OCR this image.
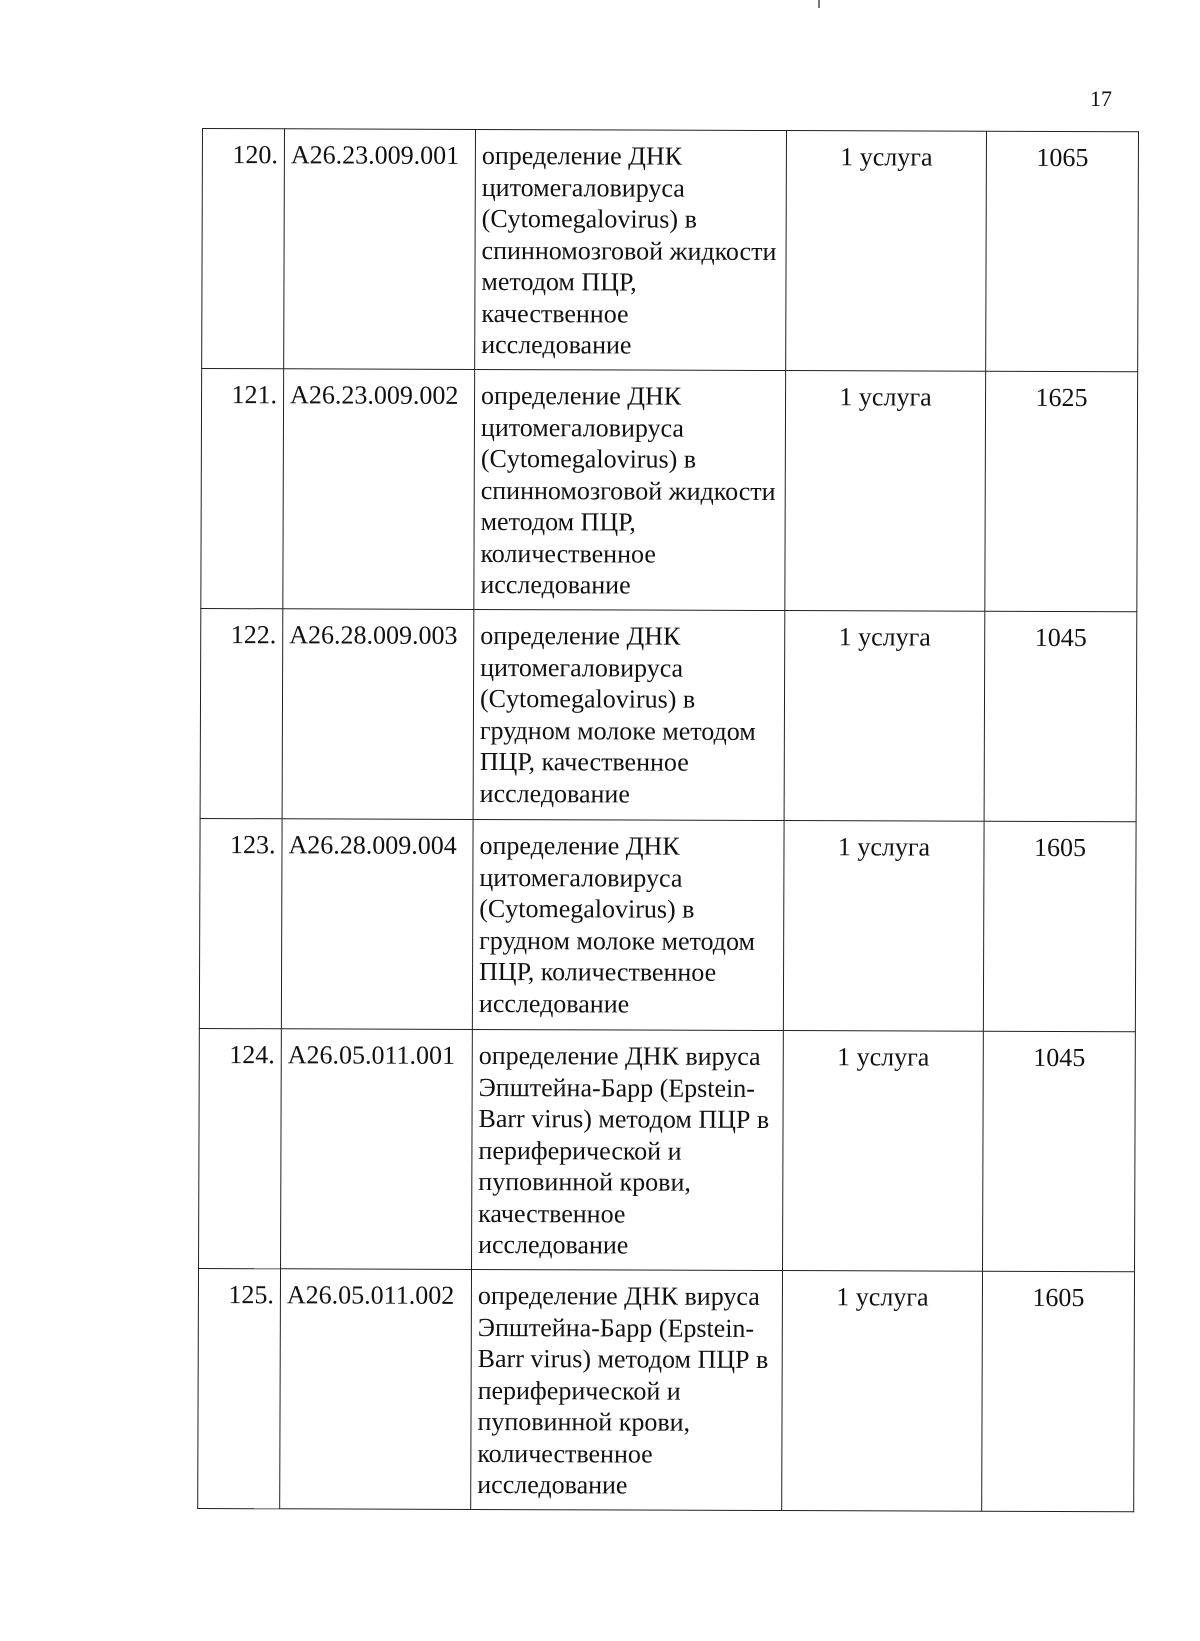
17
120.	A26.23.009.001	определение ДНК цитомегаловируса (Cytomegalovirus) в спинномозговой жидкости методом ПЦР, качественное исследование	1 услуга	1065
121.	A26.23.009.002	определение ДНК цитомегаловируса (Cytomegalovirus) в спинномозговой жидкости методом ПЦР, количественное исследование	1 услуга	1625
122.	A26.28.009.003	определение ДНК цитомегаловируса (Cytomegalovirus) в грудном молоке методом ПЦР, качественное исследование	1 услуга	1045
123.	A26.28.009.004	определение ДНК цитомегаловируса (Cytomegalovirus) в грудном молоке методом ПЦР, количественное исследование	1 услуга	1605
124.	A26.05.011.001	определение ДНК вируса Эпштейна-Барр (Epstein-Barr virus) методом ПЦР в периферической и пуповинной крови, качественное исследование	1 услуга	1045
125.	A26.05.011.002	определение ДНК вируса Эпштейна-Барр (Epstein-Barr virus) методом ПЦР в периферической и пуповинной крови, количественное исследование	1 услуга	1605
